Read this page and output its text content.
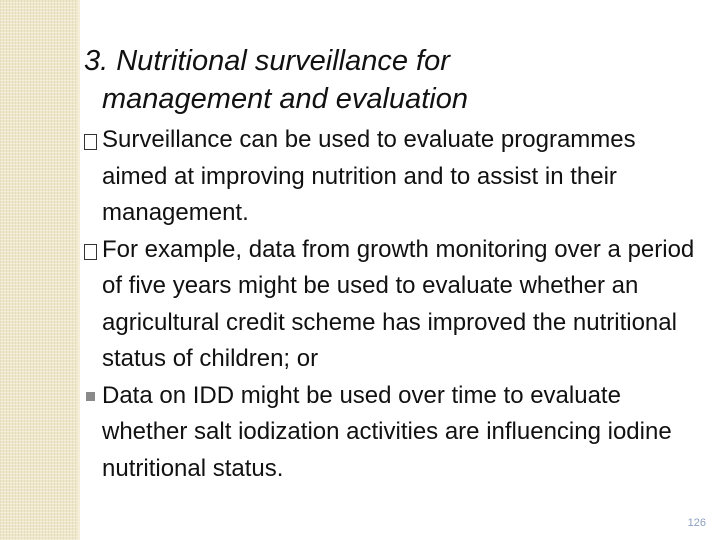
3. Nutritional surveillance for
management and evaluation
Surveillance can be used to evaluate programmes aimed at improving nutrition and to assist in their management.
For example, data from growth monitoring over a period of five years might be used to evaluate whether an agricultural credit scheme has improved the nutritional status of children; or
Data on IDD might be used over time to evaluate whether salt iodization activities are influencing iodine nutritional status.
126
